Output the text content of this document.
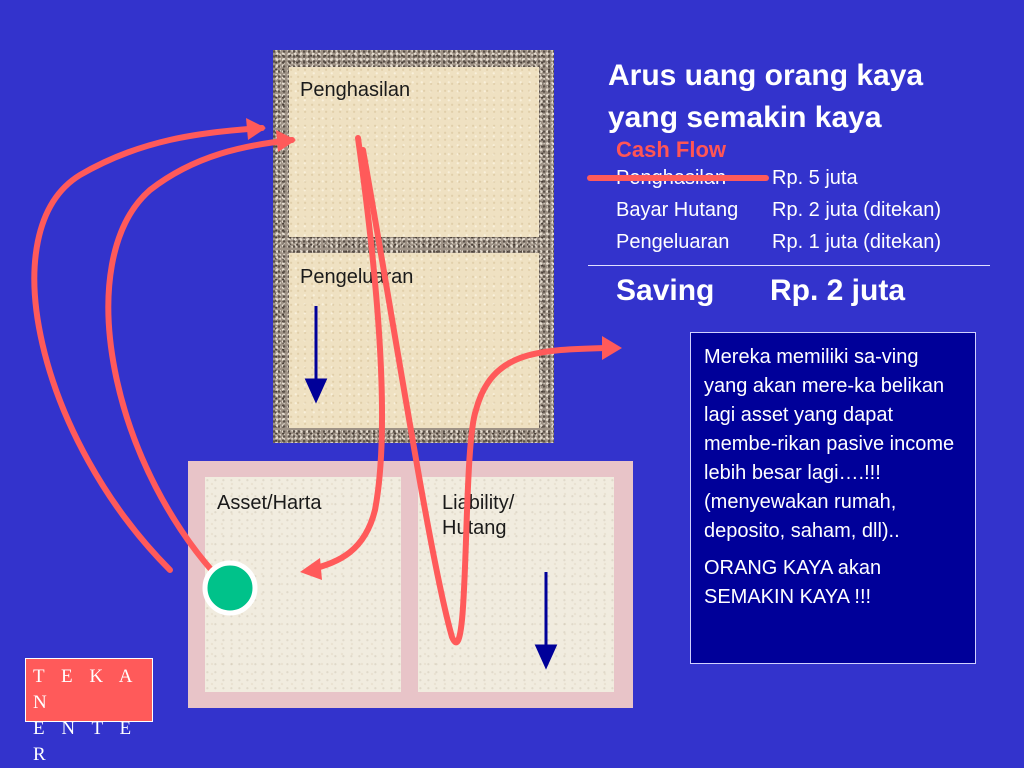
Penghasilan
Pengeluaran
Asset/Harta	Liability/
Hutang
Arus uang orang kaya
yang semakin kaya
Cash Flow
Penghasilan Rp. 5 juta
Bayar Hutang Rp. 2 juta (ditekan)
Pengeluaran Rp. 1 juta (ditekan)
Saving Rp. 2 juta

Mereka memiliki sa-ving yang akan mere-ka belikan lagi asset yang dapat membe-rikan pasive income lebih besar lagi….!!! (menyewakan rumah, deposito, saham, dll)..

ORANG KAYA akan SEMAKIN KAYA !!!

T E K A N
E N T E R
